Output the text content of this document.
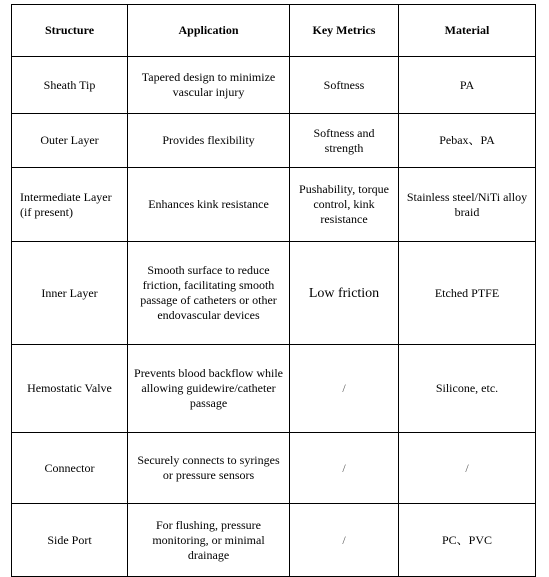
Structure	Application	Key Metrics	Material
Sheath Tip	Tapered design to minimize vascular injury	Softness	PA
Outer Layer	Provides flexibility	Softness and strength	Pebax、PA
Intermediate Layer (if present)	Enhances kink resistance	Pushability, torque control, kink resistance	Stainless steel/NiTi alloy braid
Inner Layer	Smooth surface to reduce friction, facilitating smooth passage of catheters or other endovascular devices	Low friction	Etched PTFE
Hemostatic Valve	Prevents blood backflow while allowing guidewire/catheter passage	/	Silicone, etc.
Connector	Securely connects to syringes or pressure sensors	/	/
Side Port	For flushing, pressure monitoring, or minimal drainage	/	PC、PVC
